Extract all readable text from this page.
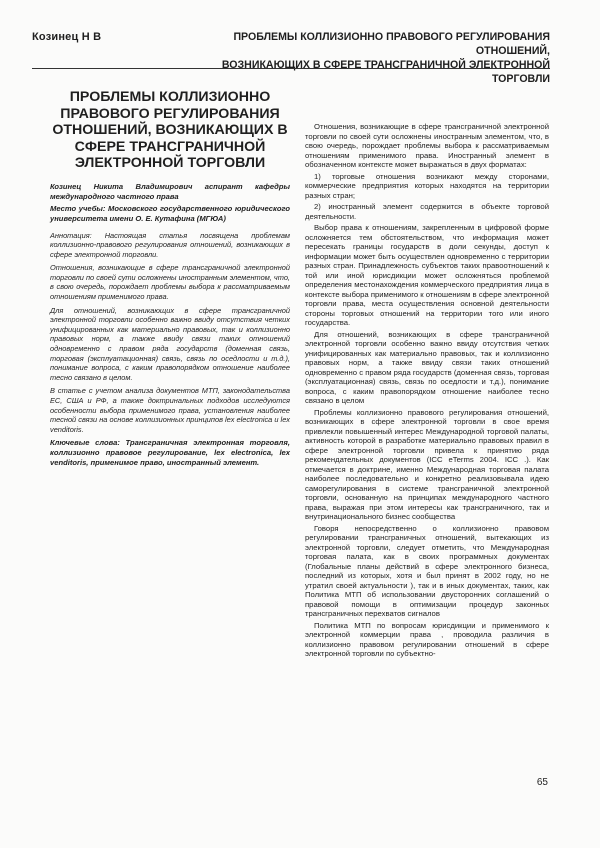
Козинец Н В	ПРОБЛЕМЫ КОЛЛИЗИОННО ПРАВОВОГО РЕГУЛИРОВАНИЯ ОТНОШЕНИЙ,
ВОЗНИКАЮЩИХ В СФЕРЕ ТРАНСГРАНИЧНОЙ ЭЛЕКТРОННОЙ ТОРГОВЛИ
ПРОБЛЕМЫ КОЛЛИЗИОННО ПРАВОВОГО РЕГУЛИРОВАНИЯ ОТНОШЕНИЙ, ВОЗНИКАЮЩИХ В СФЕРЕ ТРАНСГРАНИЧНОЙ ЭЛЕКТРОННОЙ ТОРГОВЛИ

Козинец Никита Владимирович аспирант кафедры международного частного права

Место учебы: Московского государственного юридического университета имени О. Е. Кутафина (МГЮА)

Аннотация: Настоящая статья посвящена проблемам коллизионно-правового регулирования отношений, возникающих в сфере электронной торговли.

Отношения, возникающие в сфере трансграничной электронной торговли по своей сути осложнены иностранным элементом, что, в свою очередь, порождает проблемы выбора к рассматриваемым отношениям применимого права.

Для отношений, возникающих в сфере трансграничной электронной торговли особенно важно ввиду отсутствия четких унифицированных как материально правовых, так и коллизионно правовых норм, а также ввиду связи таких отношений одновременно с правом ряда государств (доменная связь, торговая (эксплуатационная) связь, связь по оседлости и т.д.), понимание вопроса, с каким правопорядком отношение наиболее тесно связано в целом.

В статье с учетом анализа документов МТП, законодательства ЕС, США и РФ, а также доктринальных подходов исследуются особенности выбора применимого права, установления наиболее тесной связи на основе коллизионных принципов lex electronica и lex venditoris.

Ключевые слова: Трансграничная электронная торговля, коллизионно правовое регулирование, lex electronica, lex venditoris, применимое право, иностранный элемент.

Отношения, возникающие в сфере трансграничной электронной торговли по своей сути осложнены иностранным элементом, что, в свою очередь, порождает проблемы выбора к рассматриваемым отношениям применимого права. Иностранный элемент в обозначенном контексте может выражаться в двух форматах:

1) торговые отношения возникают между сторонами, коммерческие предприятия которых находятся на территории разных стран;

2) иностранный элемент содержится в объекте торговой деятельности.

Выбор права к отношениям, закрепленным в цифровой форме осложняется тем обстоятельством, что информация может пересекать границы государств в доли секунды, доступ к информации может быть осуществлен одновременно с территории разных стран. Принадлежность субъектов таких правоотношений к той или иной юрисдикции может осложняться проблемой определения местонахождения коммерческого предприятия лица в контексте выбора применимого к отношениям в сфере электронной торговли права, места осуществления основной деятельности стороны торговых отношений на территории того или иного государства.

Для отношений, возникающих в сфере трансграничной электронной торговли особенно важно ввиду отсутствия четких унифицированных как материально правовых, так и коллизионно правовых норм, а также ввиду связи таких отношений одновременно с правом ряда государств (доменная связь, торговая (эксплуатационная) связь, связь по оседлости и т.д.), понимание вопроса, с каким правопорядком отношение наиболее тесно связано в целом

Проблемы коллизионно правового регулирования отношений, возникающих в сфере электронной торговли в свое время привлекли повышенный интерес Международной торговой палаты, активность которой в разработке материально правовых правил в сфере электронной торговли привела к принятию ряда рекомендательных документов (ICC eTerms 2004. ICC .). Как отмечается в доктрине, именно Международная торговая палата наиболее последовательно и конкретно реализовывала идею саморегулирования в системе трансграничной электронной торговли, основанную на принципах международного частного права, выражая при этом интересы как трансграничного, так и внутринационального бизнес сообщества

Говоря непосредственно о коллизионно правовом регулировании трансграничных отношений, вытекающих из электронной торговли, следует отметить, что Международная торговая палата, как в своих программных документах (Глобальные планы действий в сфере электронного бизнеса, последний из которых, хотя и был принят в 2002 году, но не утратил своей актуальности ), так и в иных документах, таких, как Политика МТП об использовании двусторонних соглашений о правовой помощи в оптимизации процедур законных трансграничных перехватов сигналов

Политика МТП по вопросам юрисдикции и применимого к электронной коммерции права , проводила различия в коллизионно правовом регулировании отношений в сфере электронной торговли по субъектно-

65
